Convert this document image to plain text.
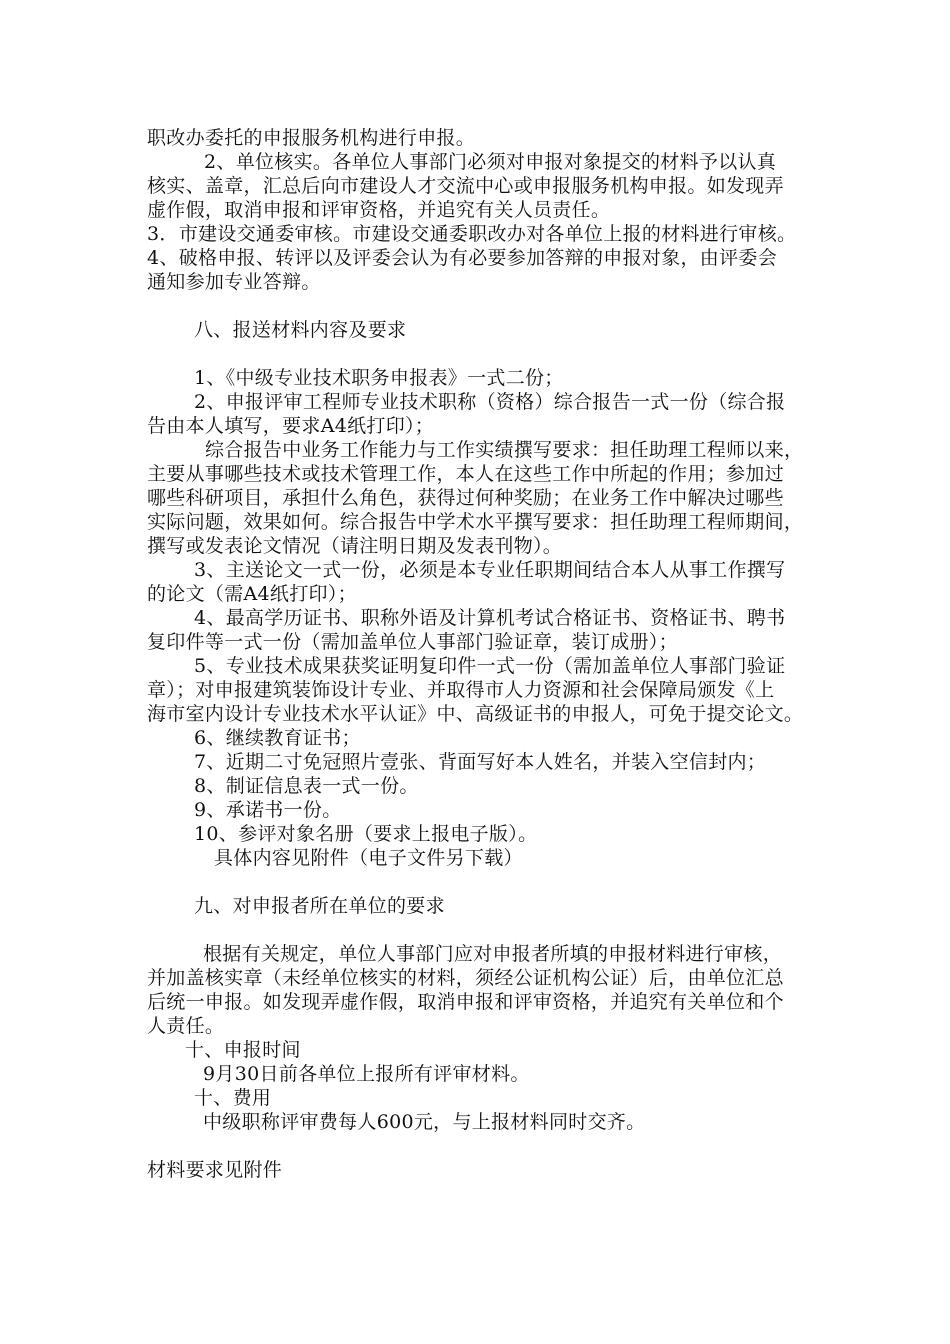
职改办委托的申报服务机构进行申报。
2、单位核实。各单位人事部门必须对申报对象提交的材料予以认真
核实、盖章，汇总后向市建设人才交流中心或申报服务机构申报。如发现弄
虚作假，取消申报和评审资格，并追究有关人员责任。
3．市建设交通委审核。市建设交通委职改办对各单位上报的材料进行审核。
4、破格申报、转评以及评委会认为有必要参加答辩的申报对象，由评委会
通知参加专业答辩。
八、报送材料内容及要求
1、《中级专业技术职务申报表》一式二份；
2、申报评审工程师专业技术职称（资格）综合报告一式一份（综合报
告由本人填写，要求A4纸打印）；
综合报告中业务工作能力与工作实绩撰写要求：担任助理工程师以来，
主要从事哪些技术或技术管理工作，本人在这些工作中所起的作用；参加过
哪些科研项目，承担什么角色，获得过何种奖励；在业务工作中解决过哪些
实际问题，效果如何。综合报告中学术水平撰写要求：担任助理工程师期间，
撰写或发表论文情况（请注明日期及发表刊物）。
3、主送论文一式一份，必须是本专业任职期间结合本人从事工作撰写
的论文（需A4纸打印）；
4、最高学历证书、职称外语及计算机考试合格证书、资格证书、聘书
复印件等一式一份（需加盖单位人事部门验证章，装订成册）；
5、专业技术成果获奖证明复印件一式一份（需加盖单位人事部门验证
章）；对申报建筑装饰设计专业、并取得市人力资源和社会保障局颁发《上
海市室内设计专业技术水平认证》中、高级证书的申报人，可免于提交论文。
6、继续教育证书；
7、近期二寸免冠照片壹张、背面写好本人姓名，并装入空信封内；
8、制证信息表一式一份。
9、承诺书一份。
10、参评对象名册（要求上报电子版）。
具体内容见附件（电子文件另下载）
九、对申报者所在单位的要求
根据有关规定，单位人事部门应对申报者所填的申报材料进行审核，
并加盖核实章（未经单位核实的材料，须经公证机构公证）后，由单位汇总
后统一申报。如发现弄虚作假，取消申报和评审资格，并追究有关单位和个
人责任。
十、申报时间
9月30日前各单位上报所有评审材料。
十、费用
中级职称评审费每人600元，与上报材料同时交齐。
材料要求见附件
